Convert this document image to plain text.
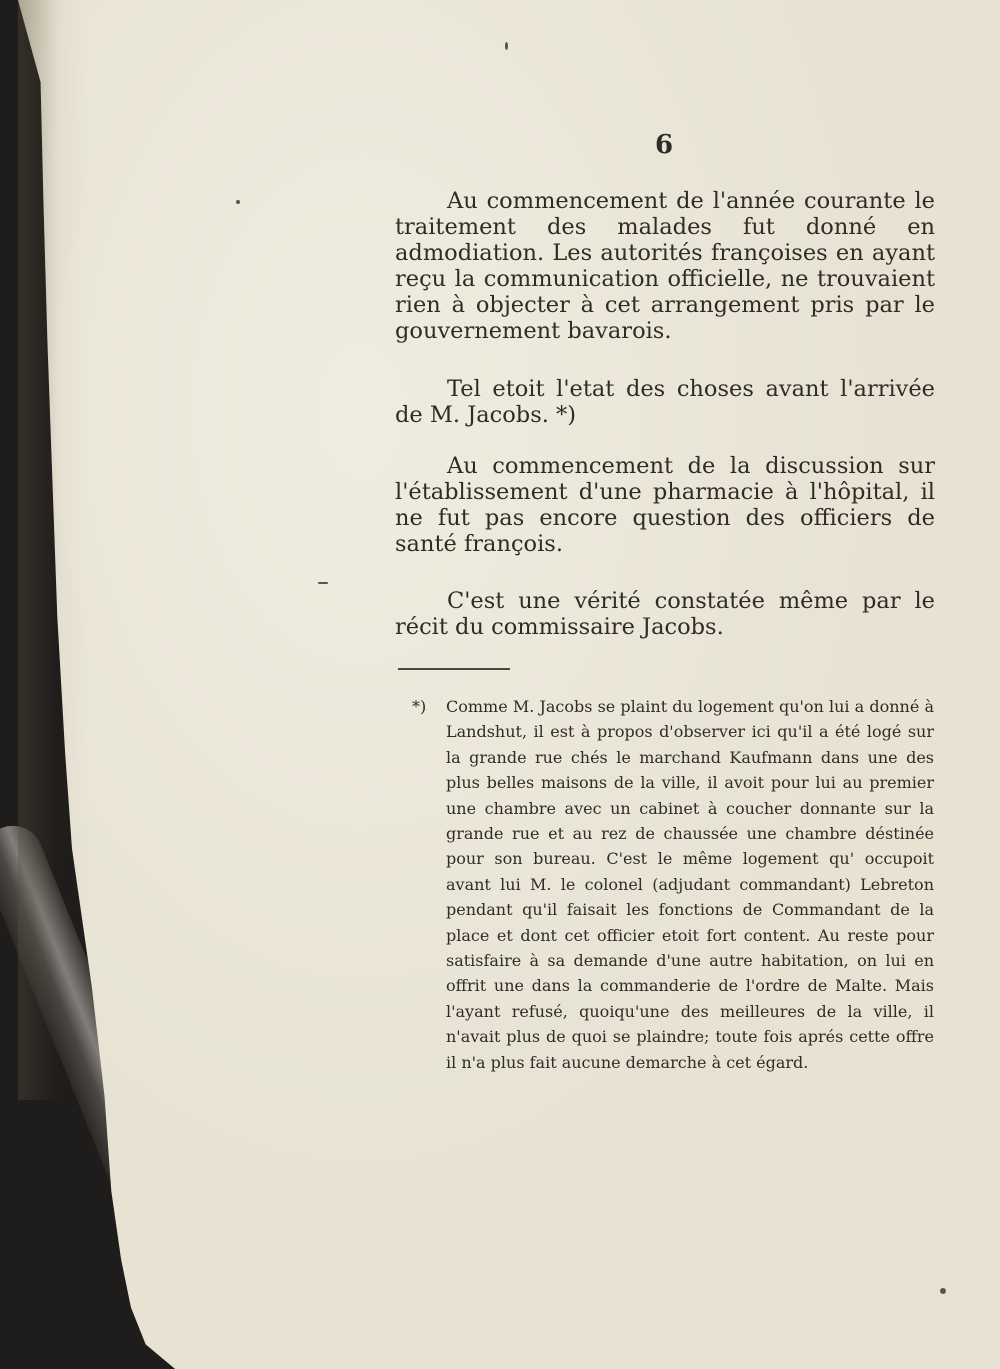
6

Au commencement de l'année courante le traitement des malades fut donné en admodiation. Les autorités françoises en ayant reçu la communication officielle, ne trouvaient rien à objecter à cet arrangement pris par le gouvernement bavarois.

Tel etoit l'etat des choses avant l'arrivée de M. Jacobs. *)

Au commencement de la discussion sur l'établissement d'une pharmacie à l'hôpital, il ne fut pas encore question des officiers de santé françois.

C'est une vérité constatée même par le récit du commissaire Jacobs.

*) Comme M. Jacobs se plaint du logement qu'on lui a donné à Landshut, il est à propos d'observer ici qu'il a été logé sur la grande rue chés le marchand Kaufmann dans une des plus belles maisons de la ville, il avoit pour lui au premier une chambre avec un cabinet à coucher donnante sur la grande rue et au rez de chaussée une chambre déstinée pour son bureau. C'est le même logement qu' occupoit avant lui M. le colonel (adjudant commandant) Lebreton pendant qu'il faisait les fonctions de Commandant de la place et dont cet officier etoit fort content. Au reste pour satisfaire à sa demande d'une autre habitation, on lui en offrit une dans la commanderie de l'ordre de Malte. Mais l'ayant refusé, quoiqu'une des meilleures de la ville, il n'avait plus de quoi se plaindre; toute fois aprés cette offre il n'a plus fait aucune demarche à cet égard.
